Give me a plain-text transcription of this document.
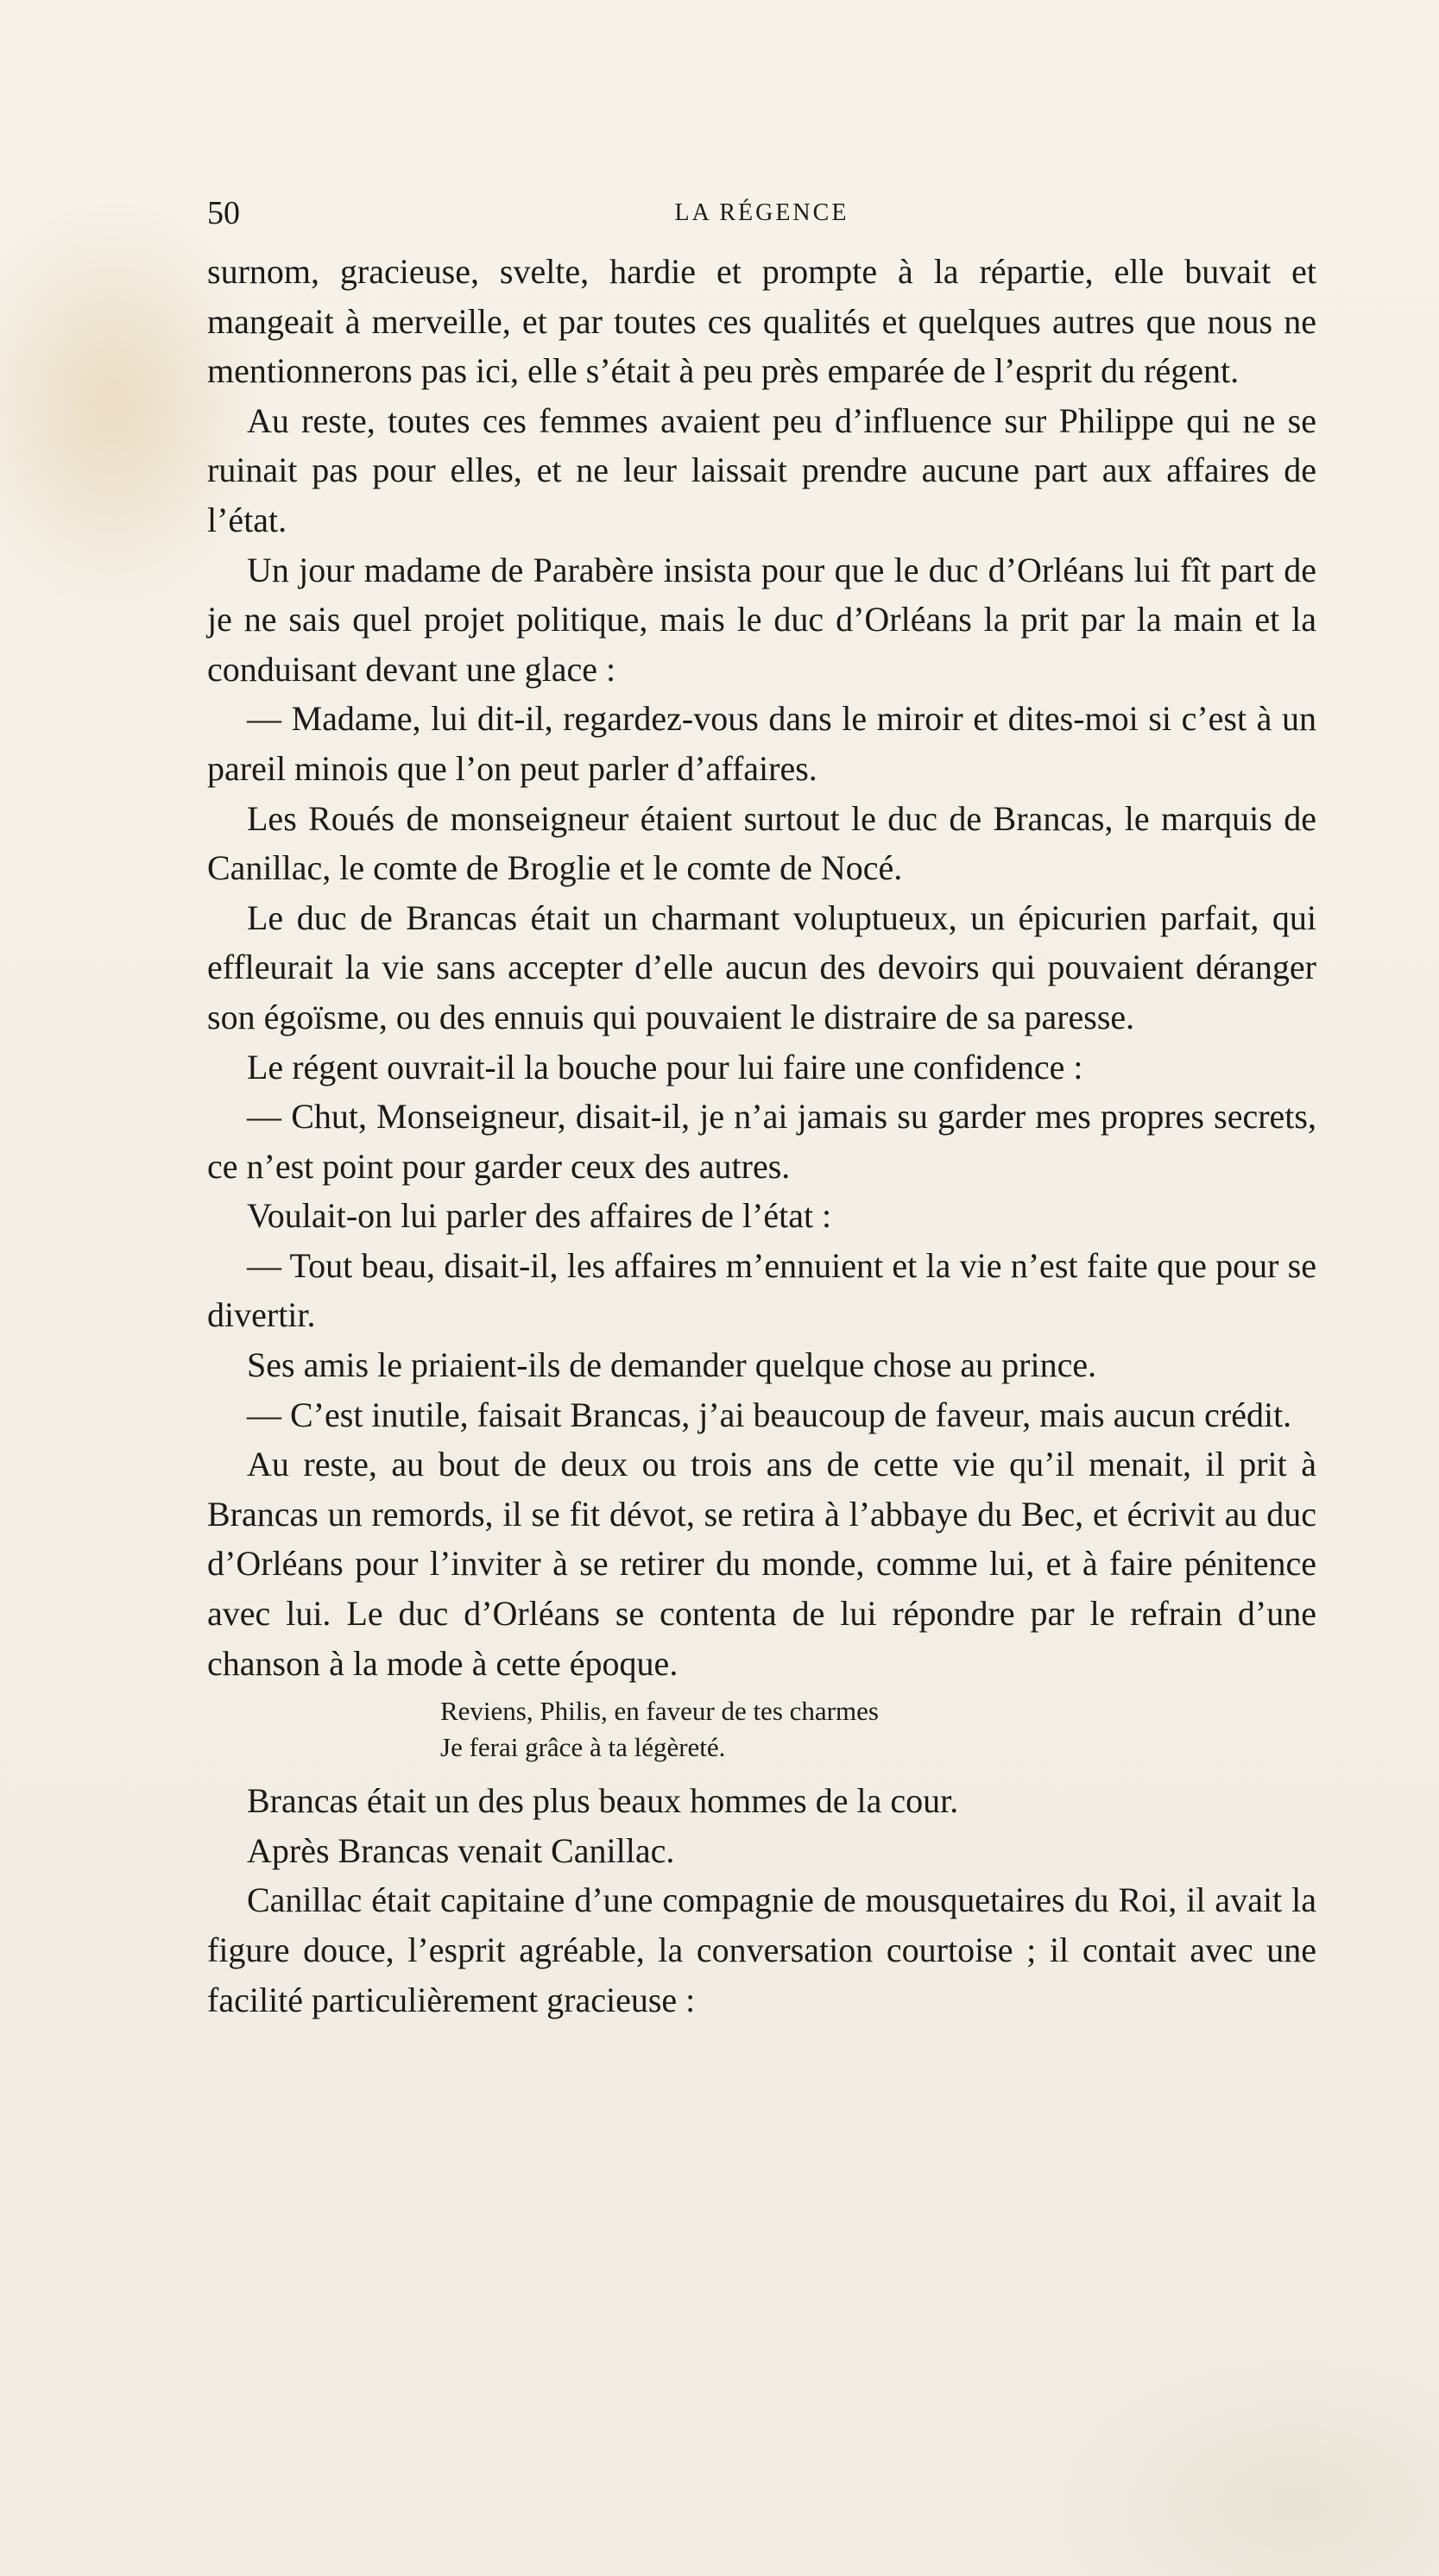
50	LA RÉGENCE

surnom, gracieuse, svelte, hardie et prompte à la répartie, elle buvait et mangeait à merveille, et par toutes ces qualités et quelques autres que nous ne mentionnerons pas ici, elle s’était à peu près emparée de l’esprit du régent.

Au reste, toutes ces femmes avaient peu d’influence sur Philippe qui ne se ruinait pas pour elles, et ne leur laissait prendre aucune part aux affaires de l’état.

Un jour madame de Parabère insista pour que le duc d’Orléans lui fît part de je ne sais quel projet politique, mais le duc d’Orléans la prit par la main et la conduisant devant une glace :

— Madame, lui dit-il, regardez-vous dans le miroir et dites-moi si c’est à un pareil minois que l’on peut parler d’affaires.

Les Roués de monseigneur étaient surtout le duc de Brancas, le marquis de Canillac, le comte de Broglie et le comte de Nocé.

Le duc de Brancas était un charmant voluptueux, un épicurien parfait, qui effleurait la vie sans accepter d’elle aucun des devoirs qui pouvaient déranger son égoïsme, ou des ennuis qui pouvaient le distraire de sa paresse.

Le régent ouvrait-il la bouche pour lui faire une confidence :

— Chut, Monseigneur, disait-il, je n’ai jamais su garder mes propres secrets, ce n’est point pour garder ceux des autres.

Voulait-on lui parler des affaires de l’état :

— Tout beau, disait-il, les affaires m’ennuient et la vie n’est faite que pour se divertir.

Ses amis le priaient-ils de demander quelque chose au prince.

— C’est inutile, faisait Brancas, j’ai beaucoup de faveur, mais aucun crédit.

Au reste, au bout de deux ou trois ans de cette vie qu’il menait, il prit à Brancas un remords, il se fit dévot, se retira à l’abbaye du Bec, et écrivit au duc d’Orléans pour l’inviter à se retirer du monde, comme lui, et à faire pénitence avec lui. Le duc d’Orléans se contenta de lui répondre par le refrain d’une chanson à la mode à cette époque.

Reviens, Philis, en faveur de tes charmes
Je ferai grâce à ta légèreté.

Brancas était un des plus beaux hommes de la cour.

Après Brancas venait Canillac.

Canillac était capitaine d’une compagnie de mousquetaires du Roi, il avait la figure douce, l’esprit agréable, la conversation courtoise ; il contait avec une facilité particulièrement gracieuse :
